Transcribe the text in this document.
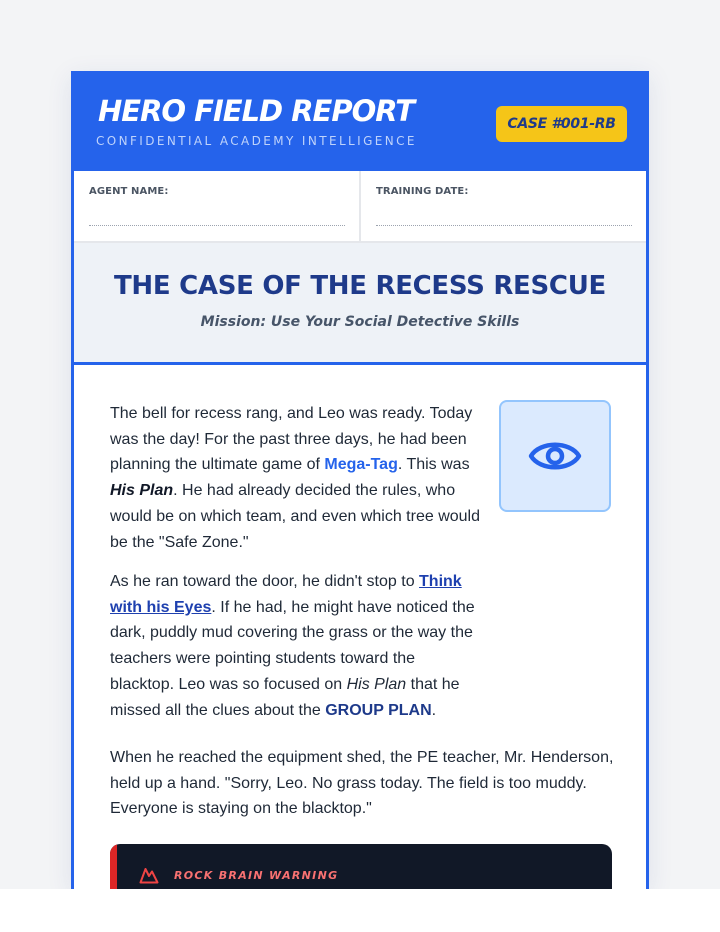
HERO FIELD REPORT
CONFIDENTIAL ACADEMY INTELLIGENCE
CASE #001-RB
AGENT NAME:	TRAINING DATE:
THE CASE OF THE RECESS RESCUE
Mission: Use Your Social Detective Skills

The bell for recess rang, and Leo was ready. Today was the day! For the past three days, he had been planning the ultimate game of Mega-Tag. This was His Plan. He had already decided the rules, who would be on which team, and even which tree would be the "Safe Zone."

As he ran toward the door, he didn't stop to Think with his Eyes. If he had, he might have noticed the dark, puddly mud covering the grass or the way the teachers were pointing students toward the blacktop. Leo was so focused on His Plan that he missed all the clues about the GROUP PLAN.

When he reached the equipment shed, the PE teacher, Mr. Henderson, held up a hand. "Sorry, Leo. No grass today. The field is too muddy. Everyone is staying on the blacktop."

ROCK BRAIN WARNING
